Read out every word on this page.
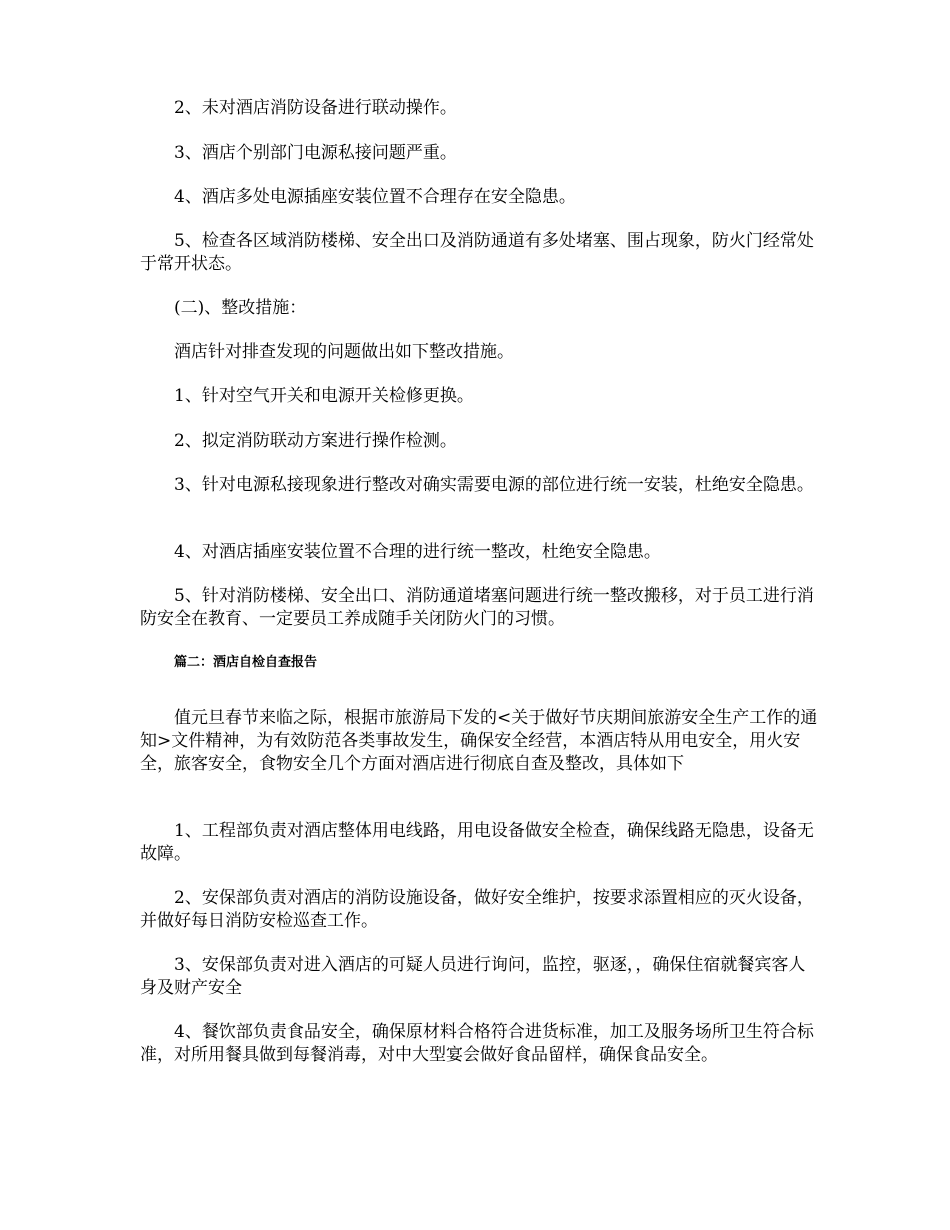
2、未对酒店消防设备进行联动操作。

3、酒店个别部门电源私接问题严重。

4、酒店多处电源插座安装位置不合理存在安全隐患。

5、检查各区域消防楼梯、安全出口及消防通道有多处堵塞、围占现象，防火门经常处于常开状态。

(二)、整改措施：

酒店针对排查发现的问题做出如下整改措施。

1、针对空气开关和电源开关检修更换。

2、拟定消防联动方案进行操作检测。

3、针对电源私接现象进行整改对确实需要电源的部位进行统一安装，杜绝安全隐患。

4、对酒店插座安装位置不合理的进行统一整改，杜绝安全隐患。

5、针对消防楼梯、安全出口、消防通道堵塞问题进行统一整改搬移，对于员工进行消防安全在教育、一定要员工养成随手关闭防火门的习惯。

篇二：酒店自检自查报告

值元旦春节来临之际，根据市旅游局下发的<关于做好节庆期间旅游安全生产工作的通知>文件精神，为有效防范各类事故发生，确保安全经营，本酒店特从用电安全，用火安全，旅客安全，食物安全几个方面对酒店进行彻底自查及整改，具体如下

1、工程部负责对酒店整体用电线路，用电设备做安全检查，确保线路无隐患，设备无故障。

2、安保部负责对酒店的消防设施设备，做好安全维护，按要求添置相应的灭火设备，并做好每日消防安检巡查工作。

3、安保部负责对进入酒店的可疑人员进行询问，监控，驱逐，，确保住宿就餐宾客人身及财产安全

4、餐饮部负责食品安全，确保原材料合格符合进货标准，加工及服务场所卫生符合标准，对所用餐具做到每餐消毒，对中大型宴会做好食品留样，确保食品安全。
